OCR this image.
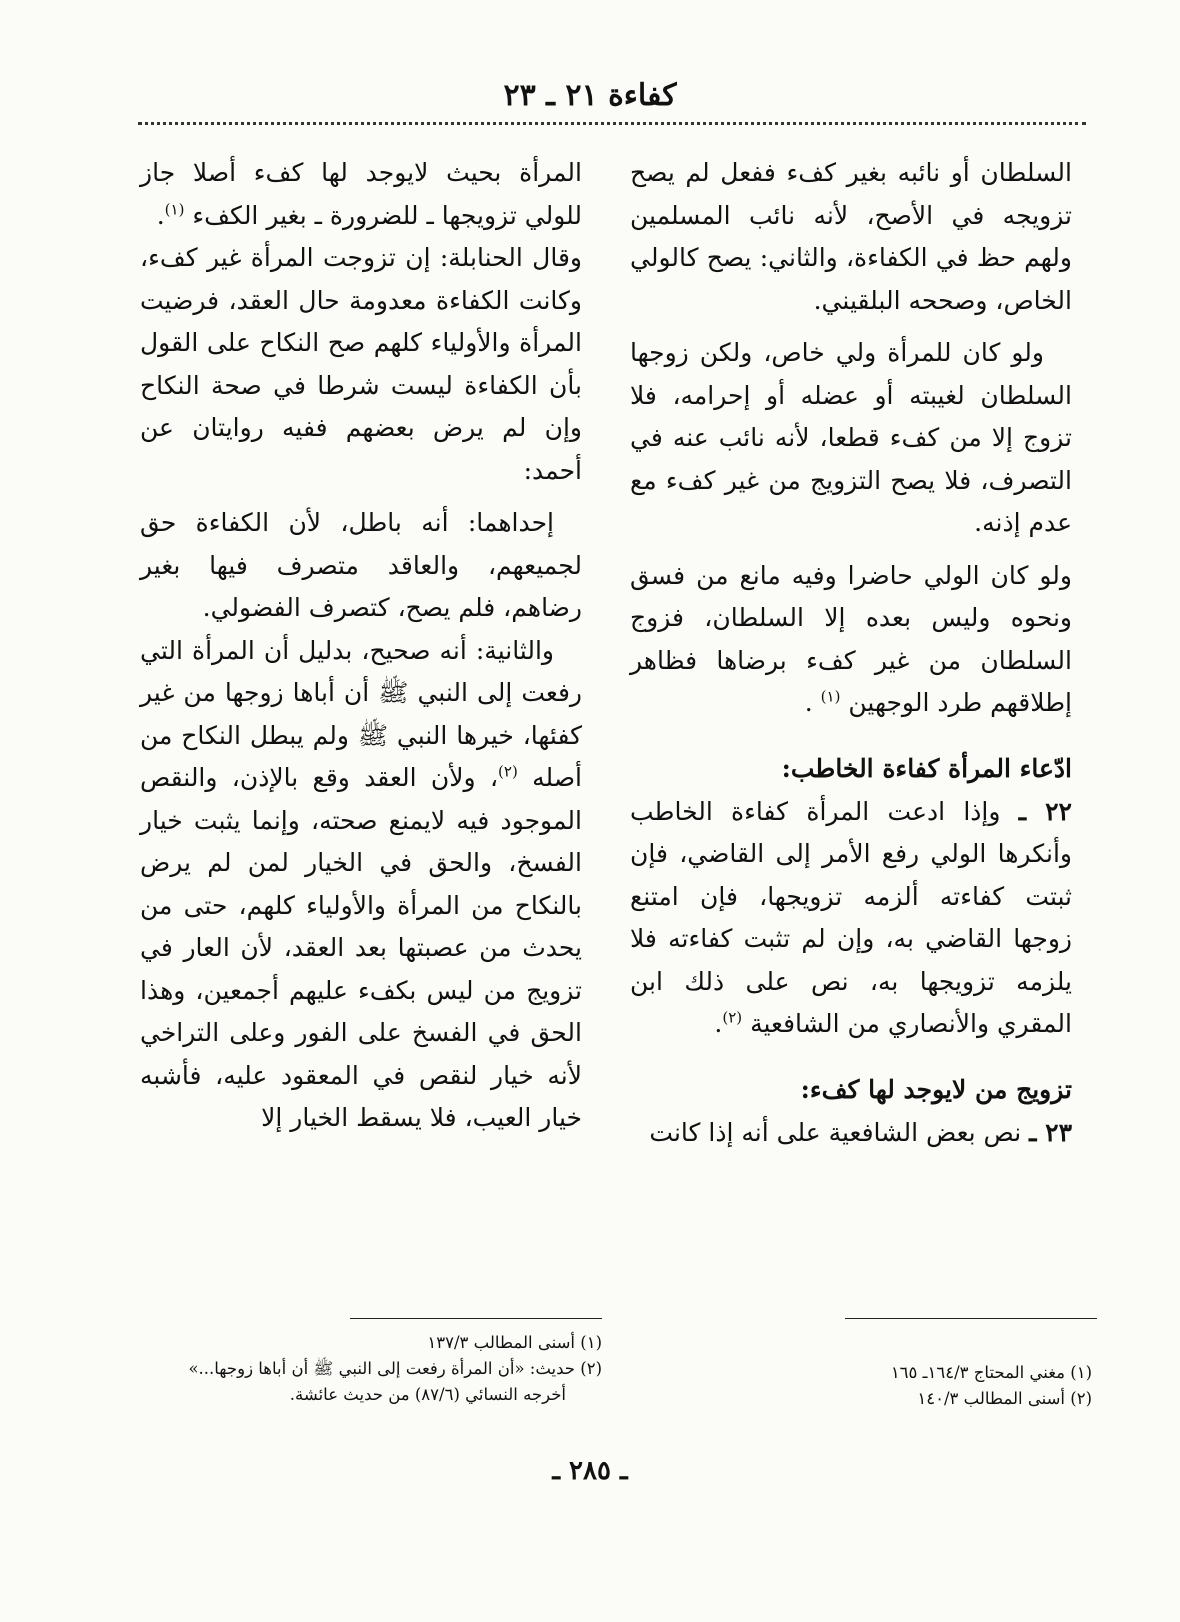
كفاءة ٢١ ـ ٢٣

السلطان أو نائبه بغير كفء ففعل لم يصح تزويجه في الأصح، لأنه نائب المسلمين ولهم حظ في الكفاءة، والثاني: يصح كالولي الخاص، وصححه البلقيني.

ولو كان للمرأة ولي خاص، ولكن زوجها السلطان لغيبته أو عضله أو إحرامه، فلا تزوج إلا من كفء قطعا، لأنه نائب عنه في التصرف، فلا يصح التزويج من غير كفء مع عدم إذنه.

ولو كان الولي حاضرا وفيه مانع من فسق ونحوه وليس بعده إلا السلطان، فزوج السلطان من غير كفء برضاها فظاهر إطلاقهم طرد الوجهين $^{(١)}$ .

ادّعاء المرأة كفاءة الخاطب:

٢٢ ـ وإذا ادعت المرأة كفاءة الخاطب وأنكرها الولي رفع الأمر إلى القاضي، فإن ثبتت كفاءته ألزمه تزويجها، فإن امتنع زوجها القاضي به، وإن لم تثبت كفاءته فلا يلزمه تزويجها به، نص على ذلك ابن المقري والأنصاري من الشافعية $^{(٢)}$.

تزويج من لايوجد لها كفء:

٢٣ ـ نص بعض الشافعية على أنه إذا كانت

المرأة بحيث لايوجد لها كفء أصلا جاز للولي تزويجها ـ للضرورة ـ بغير الكفء $^{(١)}$.

وقال الحنابلة: إن تزوجت المرأة غير كفء، وكانت الكفاءة معدومة حال العقد، فرضيت المرأة والأولياء كلهم صح النكاح على القول بأن الكفاءة ليست شرطا في صحة النكاح وإن لم يرض بعضهم ففيه روايتان عن أحمد:

إحداهما: أنه باطل، لأن الكفاءة حق لجميعهم، والعاقد متصرف فيها بغير رضاهم، فلم يصح، كتصرف الفضولي.

والثانية: أنه صحيح، بدليل أن المرأة التي رفعت إلى النبي ﷺ أن أباها زوجها من غير كفئها، خيرها النبي ﷺ ولم يبطل النكاح من أصله $^{(٢)}$، ولأن العقد وقع بالإذن، والنقص الموجود فيه لايمنع صحته، وإنما يثبت خيار الفسخ، والحق في الخيار لمن لم يرض بالنكاح من المرأة والأولياء كلهم، حتى من يحدث من عصبتها بعد العقد، لأن العار في تزويج من ليس بكفء عليهم أجمعين، وهذا الحق في الفسخ على الفور وعلى التراخي لأنه خيار لنقص في المعقود عليه، فأشبه خيار العيب، فلا يسقط الخيار إلا

(١) أسنى المطالب ١٣٧/٣
(٢) حديث: «أن المرأة رفعت إلى النبي ﷺ أن أباها زوجها...»
أخرجه النسائي (٨٧/٦) من حديث عائشة.
(١) مغني المحتاج ١٦٤/٣ـ ١٦٥
(٢) أسنى المطالب ١٤٠/٣
ـ ٢٨٥ ـ
